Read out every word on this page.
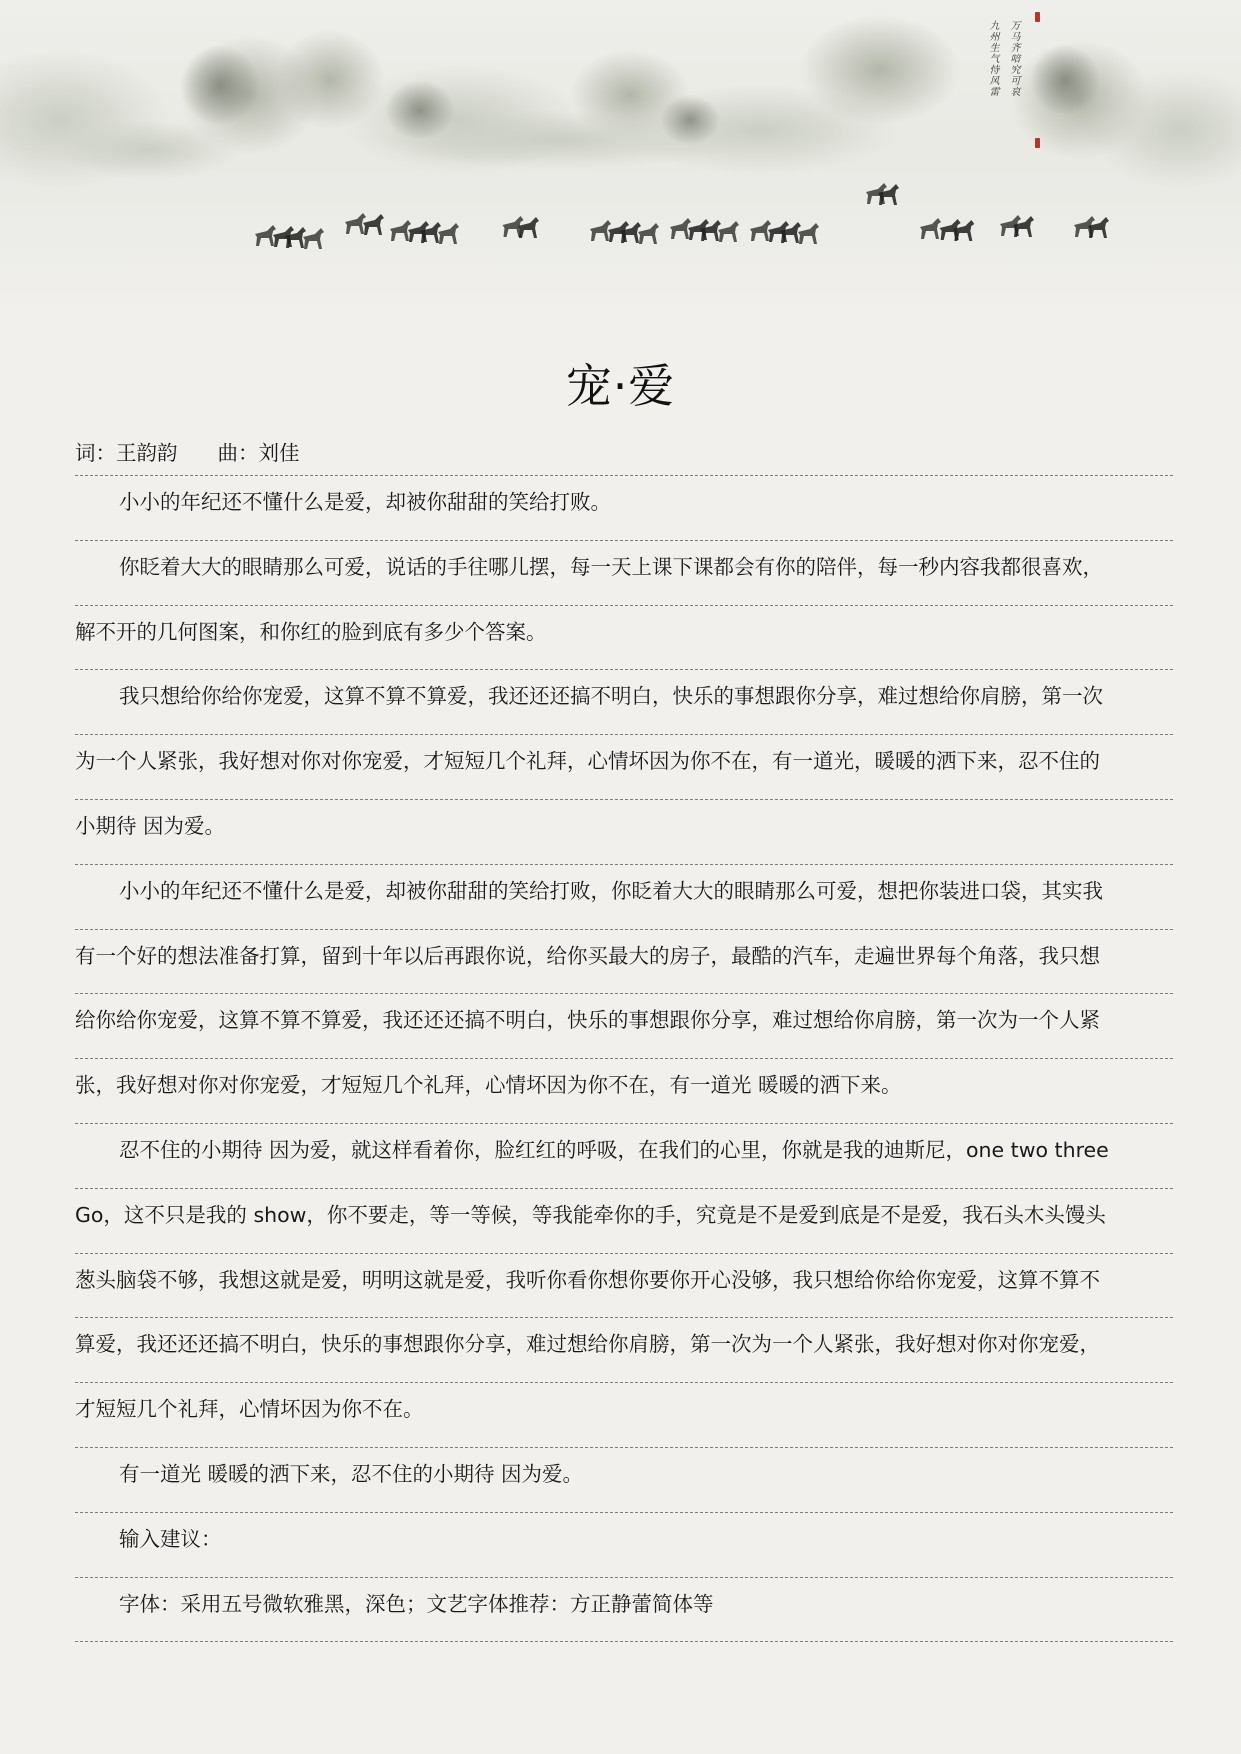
九州生气恃风雷 万马齐喑究可哀
宠·爱
词：王韵韵 曲：刘佳
小小的年纪还不懂什么是爱，却被你甜甜的笑给打败。
你眨着大大的眼睛那么可爱，说话的手往哪儿摆，每一天上课下课都会有你的陪伴，每一秒内容我都很喜欢，
解不开的几何图案，和你红的脸到底有多少个答案。
我只想给你给你宠爱，这算不算不算爱，我还还还搞不明白，快乐的事想跟你分享，难过想给你肩膀，第一次
为一个人紧张，我好想对你对你宠爱，才短短几个礼拜，心情坏因为你不在，有一道光，暖暖的洒下来，忍不住的
小期待 因为爱。
小小的年纪还不懂什么是爱，却被你甜甜的笑给打败，你眨着大大的眼睛那么可爱，想把你装进口袋，其实我
有一个好的想法准备打算，留到十年以后再跟你说，给你买最大的房子，最酷的汽车，走遍世界每个角落，我只想
给你给你宠爱，这算不算不算爱，我还还还搞不明白，快乐的事想跟你分享，难过想给你肩膀，第一次为一个人紧
张，我好想对你对你宠爱，才短短几个礼拜，心情坏因为你不在，有一道光 暖暖的洒下来。
忍不住的小期待 因为爱，就这样看着你，脸红红的呼吸，在我们的心里，你就是我的迪斯尼，one two three
Go，这不只是我的 show，你不要走，等一等候，等我能牵你的手，究竟是不是爱到底是不是爱，我石头木头馒头
葱头脑袋不够，我想这就是爱，明明这就是爱，我听你看你想你要你开心没够，我只想给你给你宠爱，这算不算不
算爱，我还还还搞不明白，快乐的事想跟你分享，难过想给你肩膀，第一次为一个人紧张，我好想对你对你宠爱，
才短短几个礼拜，心情坏因为你不在。
有一道光 暖暖的洒下来，忍不住的小期待 因为爱。
输入建议：
字体：采用五号微软雅黑，深色；文艺字体推荐：方正静蕾简体等
